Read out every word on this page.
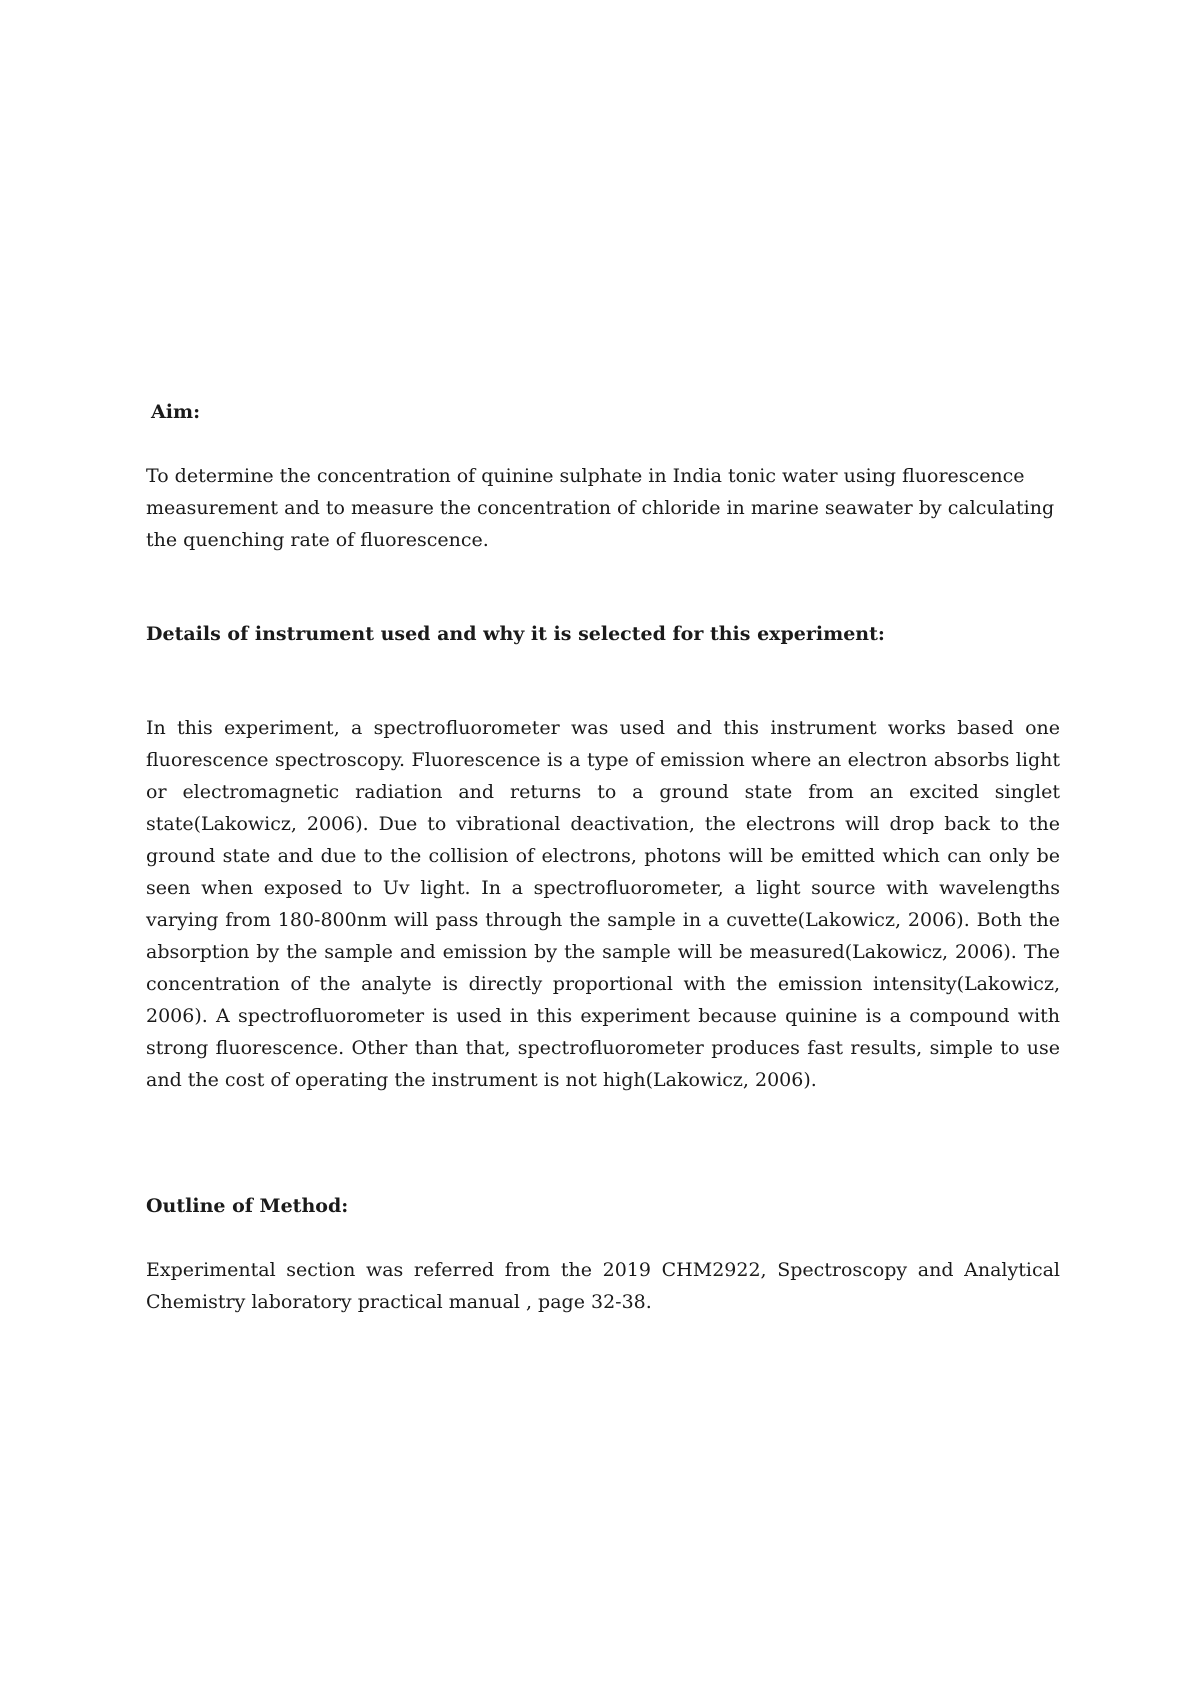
Aim:

To determine the concentration of quinine sulphate in India tonic water using fluorescence measurement and to measure the concentration of chloride in marine seawater by calculating the quenching rate of fluorescence.

Details of instrument used and why it is selected for this experiment:

In this experiment, a spectrofluorometer was used and this instrument works based one fluorescence spectroscopy. Fluorescence is a type of emission where an electron absorbs light or electromagnetic radiation and returns to a ground state from an excited singlet state(Lakowicz, 2006). Due to vibrational deactivation, the electrons will drop back to the ground state and due to the collision of electrons, photons will be emitted which can only be seen when exposed to Uv light. In a spectrofluorometer, a light source with wavelengths varying from 180-800nm will pass through the sample in a cuvette(Lakowicz, 2006). Both the absorption by the sample and emission by the sample will be measured(Lakowicz, 2006). The concentration of the analyte is directly proportional with the emission intensity(Lakowicz, 2006). A spectrofluorometer is used in this experiment because quinine is a compound with strong fluorescence. Other than that, spectrofluorometer produces fast results, simple to use and the cost of operating the instrument is not high(Lakowicz, 2006).

Outline of Method:

Experimental section was referred from the 2019 CHM2922, Spectroscopy and Analytical Chemistry laboratory practical manual , page 32-38.
